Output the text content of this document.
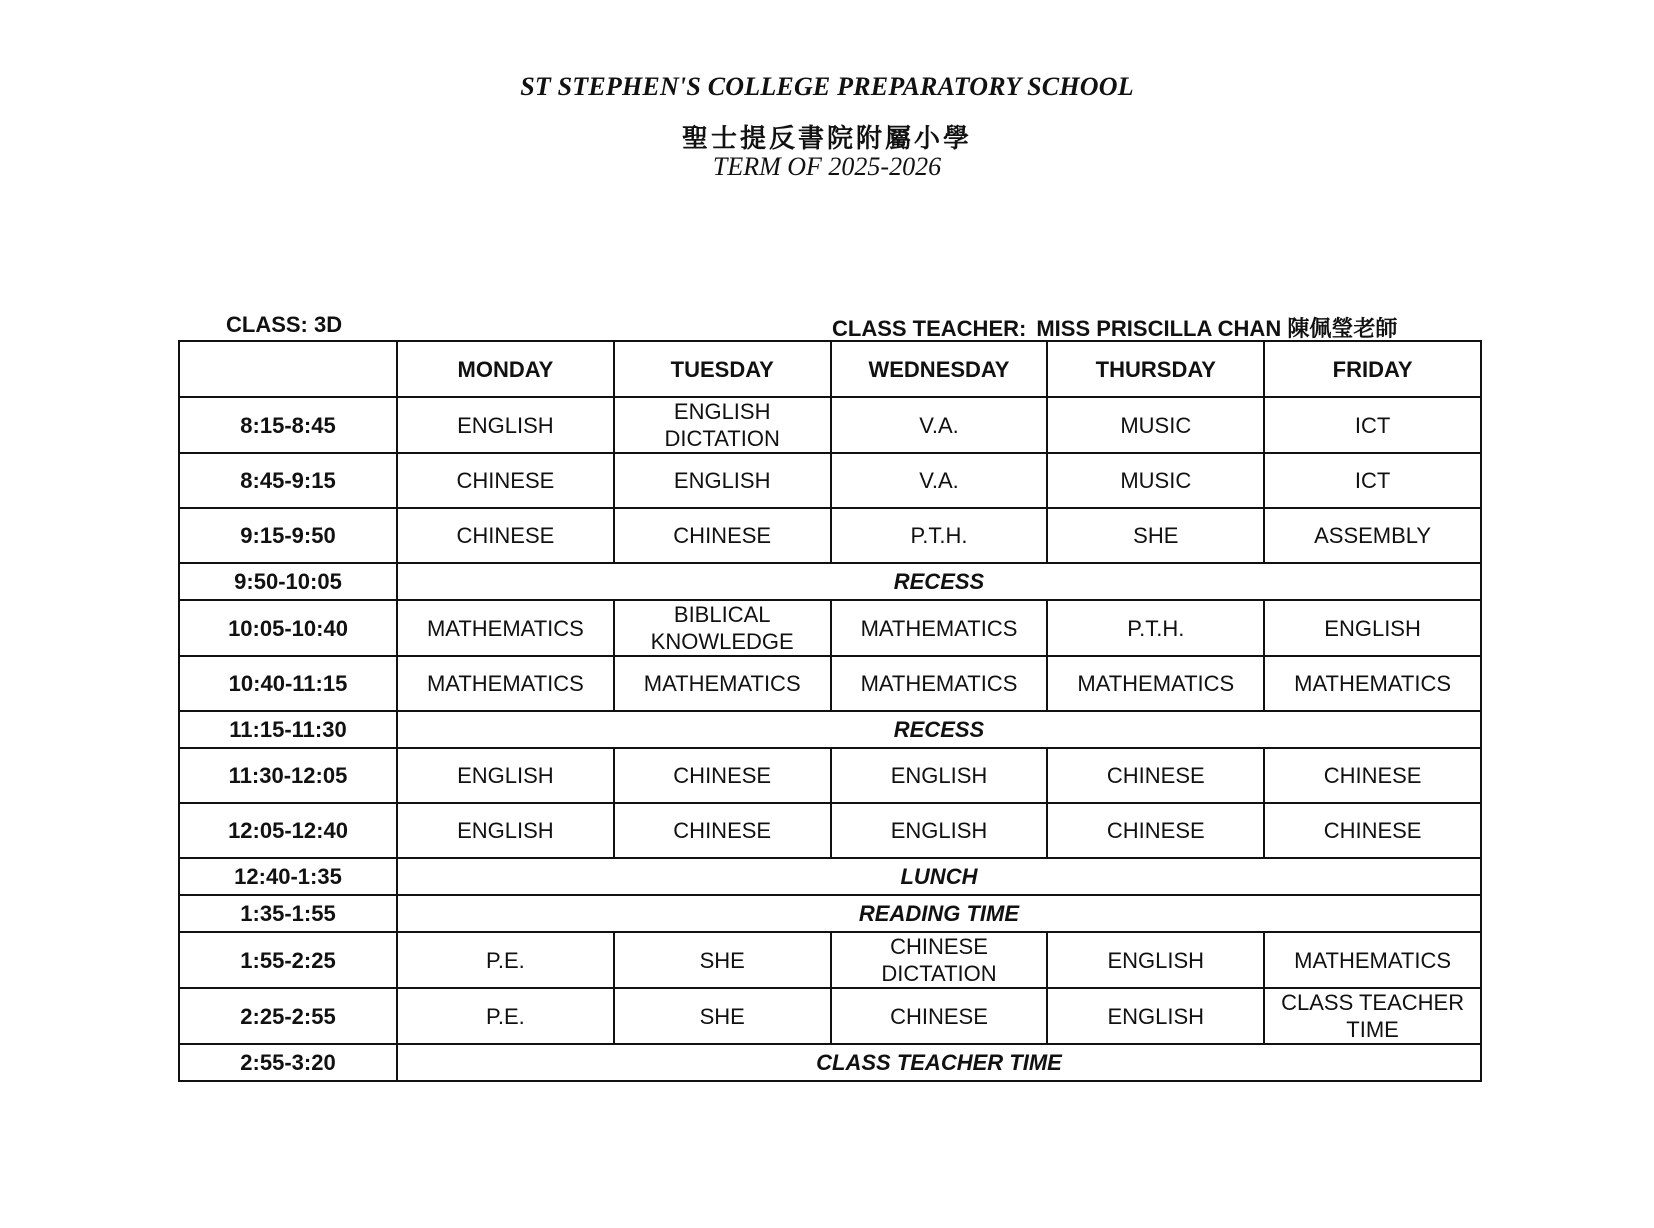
ST STEPHEN'S COLLEGE PREPARATORY SCHOOL
聖士提反書院附屬小學
TERM OF 2025-2026
CLASS: 3D	CLASS TEACHER: MISS PRISCILLA CHAN 陳佩瑩老師
	MONDAY	TUESDAY	WEDNESDAY	THURSDAY	FRIDAY
8:15-8:45	ENGLISH	ENGLISH DICTATION	V.A.	MUSIC	ICT
8:45-9:15	CHINESE	ENGLISH	V.A.	MUSIC	ICT
9:15-9:50	CHINESE	CHINESE	P.T.H.	SHE	ASSEMBLY
9:50-10:05	RECESS				
10:05-10:40	MATHEMATICS	BIBLICAL KNOWLEDGE	MATHEMATICS	P.T.H.	ENGLISH
10:40-11:15	MATHEMATICS	MATHEMATICS	MATHEMATICS	MATHEMATICS	MATHEMATICS
11:15-11:30	RECESS				
11:30-12:05	ENGLISH	CHINESE	ENGLISH	CHINESE	CHINESE
12:05-12:40	ENGLISH	CHINESE	ENGLISH	CHINESE	CHINESE
12:40-1:35	LUNCH				
1:35-1:55	READING TIME				
1:55-2:25	P.E.	SHE	CHINESE DICTATION	ENGLISH	MATHEMATICS
2:25-2:55	P.E.	SHE	CHINESE	ENGLISH	CLASS TEACHER TIME
2:55-3:20	CLASS TEACHER TIME				
